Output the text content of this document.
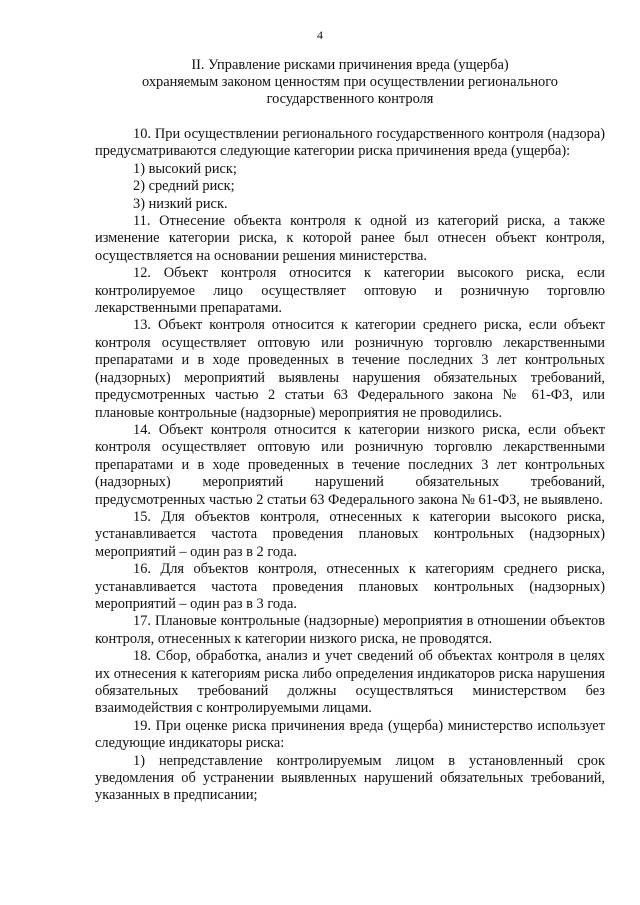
4
II. Управление рисками причинения вреда (ущерба)
охраняемым законом ценностям при осуществлении регионального
государственного контроля

10. При осуществлении регионального государственного контроля (надзора) предусматриваются следующие категории риска причинения вреда (ущерба):

1) высокий риск;

2) средний риск;

3) низкий риск.

11. Отнесение объекта контроля к одной из категорий риска, а также изменение категории риска, к которой ранее был отнесен объект контроля, осуществляется на основании решения министерства.

12. Объект контроля относится к категории высокого риска, если контролируемое лицо осуществляет оптовую и розничную торговлю лекарственными препаратами.

13. Объект контроля относится к категории среднего риска, если объект контроля осуществляет оптовую или розничную торговлю лекарственными препаратами и в ходе проведенных в течение последних 3 лет контрольных (надзорных) мероприятий выявлены нарушения обязательных требований, предусмотренных частью 2 статьи 63 Федерального закона № 61-ФЗ, или плановые контрольные (надзорные) мероприятия не проводились.

14. Объект контроля относится к категории низкого риска, если объект контроля осуществляет оптовую или розничную торговлю лекарственными препаратами и в ходе проведенных в течение последних 3 лет контрольных (надзорных) мероприятий нарушений обязательных требований, предусмотренных частью 2 статьи 63 Федерального закона № 61-ФЗ, не выявлено.

15. Для объектов контроля, отнесенных к категории высокого риска, устанавливается частота проведения плановых контрольных (надзорных) мероприятий – один раз в 2 года.

16. Для объектов контроля, отнесенных к категориям среднего риска, устанавливается частота проведения плановых контрольных (надзорных) мероприятий – один раз в 3 года.

17. Плановые контрольные (надзорные) мероприятия в отношении объектов контроля, отнесенных к категории низкого риска, не проводятся.

18. Сбор, обработка, анализ и учет сведений об объектах контроля в целях их отнесения к категориям риска либо определения индикаторов риска нарушения обязательных требований должны осуществляться министерством без взаимодействия с контролируемыми лицами.

19. При оценке риска причинения вреда (ущерба) министерство использует следующие индикаторы риска:

1) непредставление контролируемым лицом в установленный срок уведомления об устранении выявленных нарушений обязательных требований, указанных в предписании;
